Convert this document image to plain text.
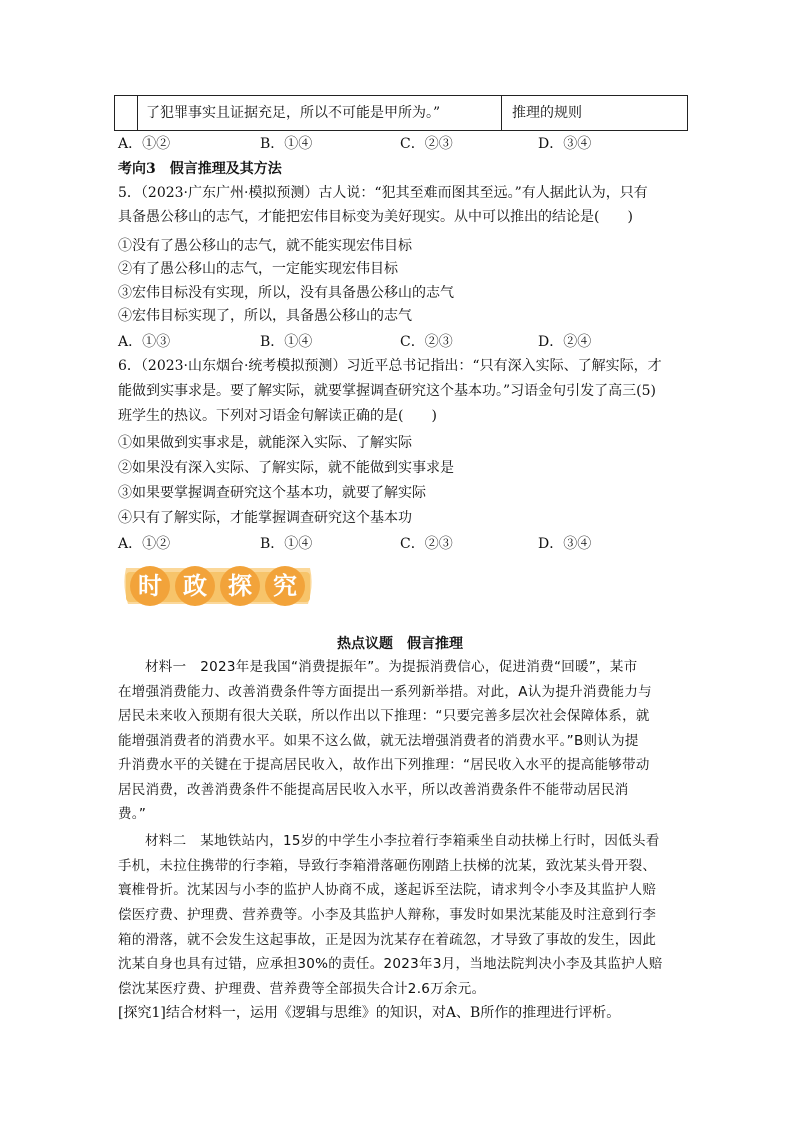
了犯罪事实且证据充足，所以不可能是甲所为。”	推理的规则
A．①②	B．①④	C．②③	D．③④
考向3　假言推理及其方法
5．（2023·广东广州·模拟预测）古人说：“犯其至难而图其至远。”有人据此认为，只有
具备愚公移山的志气，才能把宏伟目标变为美好现实。从中可以推出的结论是(　　)
①没有了愚公移山的志气，就不能实现宏伟目标
②有了愚公移山的志气，一定能实现宏伟目标
③宏伟目标没有实现，所以，没有具备愚公移山的志气
④宏伟目标实现了，所以，具备愚公移山的志气
A．①③	B．①④	C．②③	D．②④
6．（2023·山东烟台·统考模拟预测）习近平总书记指出：“只有深入实际、了解实际，才
能做到实事求是。要了解实际，就要掌握调查研究这个基本功。”习语金句引发了高三(5)
班学生的热议。下列对习语金句解读正确的是(　　)
①如果做到实事求是，就能深入实际、了解实际
②如果没有深入实际、了解实际，就不能做到实事求是
③如果要掌握调查研究这个基本功，就要了解实际
④只有了解实际，才能掌握调查研究这个基本功
A．①②	B．①④	C．②③	D．③④
时 政 探 究
热点议题　假言推理
材料一　2023年是我国“消费提振年”。为提振消费信心，促进消费“回暖”，某市
在增强消费能力、改善消费条件等方面提出一系列新举措。对此，A认为提升消费能力与
居民未来收入预期有很大关联，所以作出以下推理：“只要完善多层次社会保障体系，就
能增强消费者的消费水平。如果不这么做，就无法增强消费者的消费水平。”B则认为提
升消费水平的关键在于提高居民收入，故作出下列推理：“居民收入水平的提高能够带动
居民消费，改善消费条件不能提高居民收入水平，所以改善消费条件不能带动居民消
费。”
材料二　某地铁站内，15岁的中学生小李拉着行李箱乘坐自动扶梯上行时，因低头看
手机，未拉住携带的行李箱，导致行李箱滑落砸伤刚踏上扶梯的沈某，致沈某头骨开裂、
寰椎骨折。沈某因与小李的监护人协商不成，遂起诉至法院，请求判令小李及其监护人赔
偿医疗费、护理费、营养费等。小李及其监护人辩称，事发时如果沈某能及时注意到行李
箱的滑落，就不会发生这起事故，正是因为沈某存在着疏忽，才导致了事故的发生，因此
沈某自身也具有过错，应承担30%的责任。2023年3月，当地法院判决小李及其监护人赔
偿沈某医疗费、护理费、营养费等全部损失合计2.6万余元。
[探究1]结合材料一，运用《逻辑与思维》的知识，对A、B所作的推理进行评析。
